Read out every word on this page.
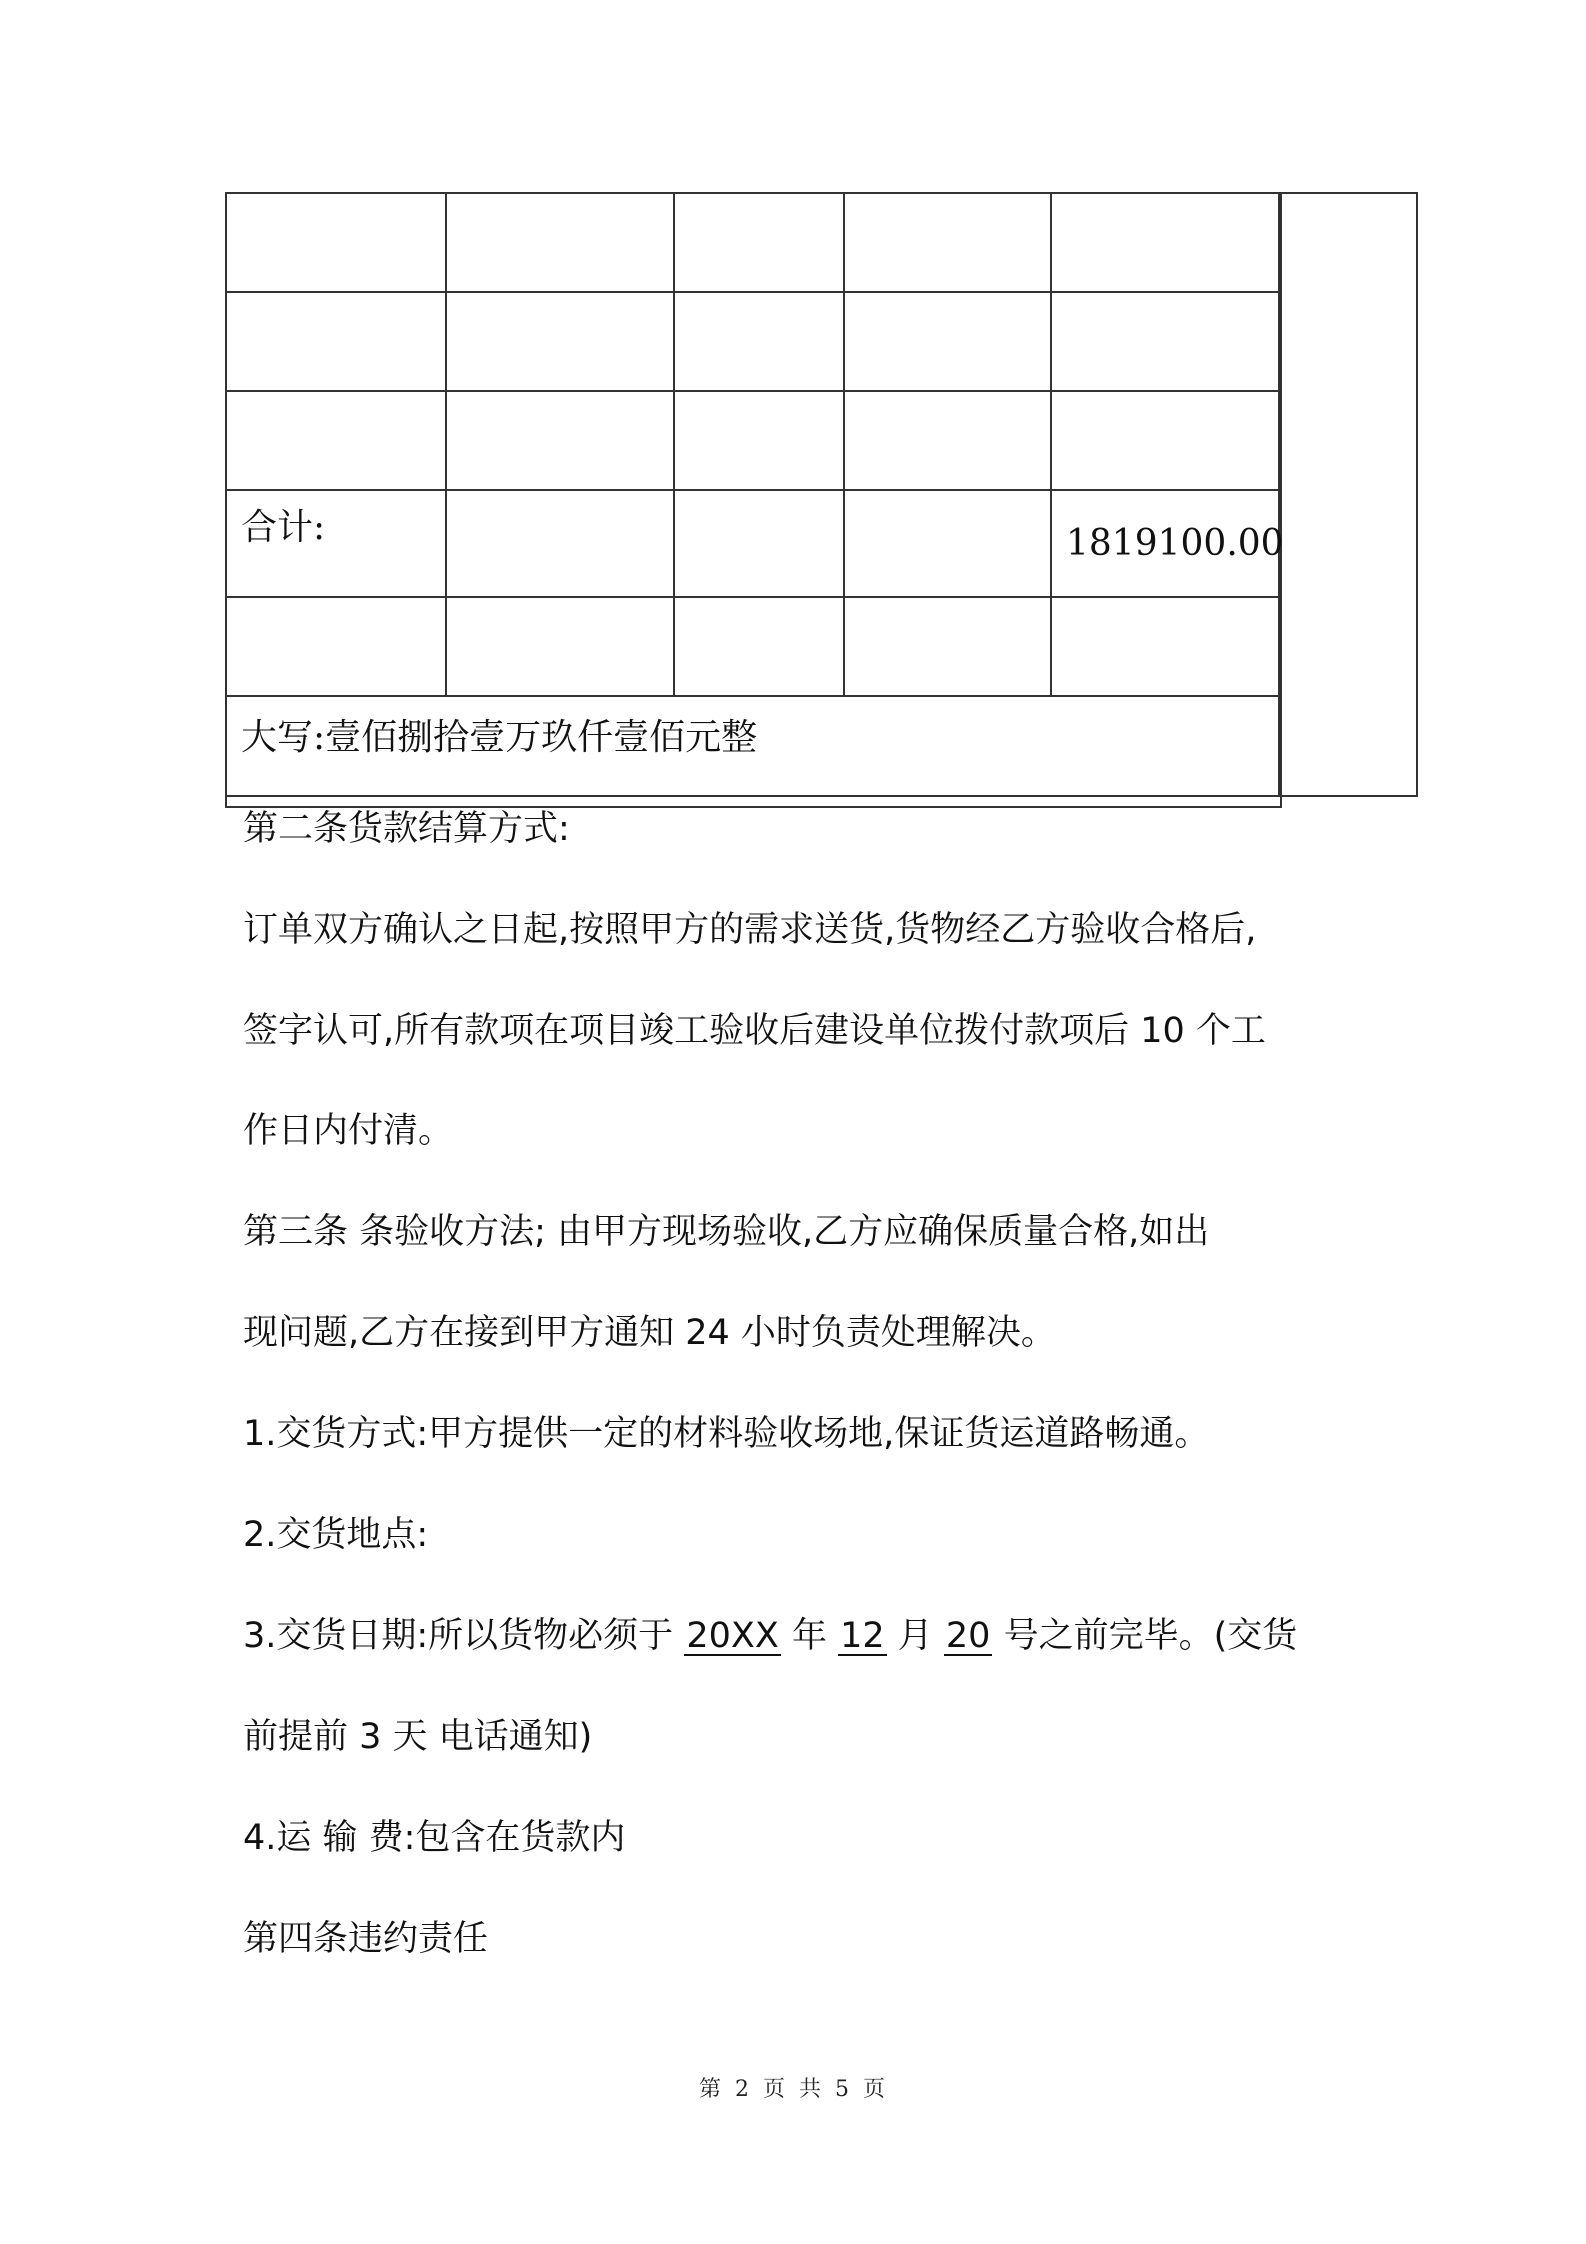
合计:				1819100.00

大写:壹佰捌拾壹万玖仟壹佰元整				
第二条货款结算方式:
订单双方确认之日起,按照甲方的需求送货,货物经乙方验收合格后,
签字认可,所有款项在项目竣工验收后建设单位拨付款项后 10 个工
作日内付清。
第三条 条验收方法; 由甲方现场验收,乙方应确保质量合格,如出
现问题,乙方在接到甲方通知 24 小时负责处理解决。
1.交货方式:甲方提供一定的材料验收场地,保证货运道路畅通。
2.交货地点:
3.交货日期:所以货物必须于 20XX 年 12 月 20 号之前完毕。(交货
前提前 3 天 电话通知)
4.运 输 费:包含在货款内
第四条违约责任
第 2 页 共 5 页
